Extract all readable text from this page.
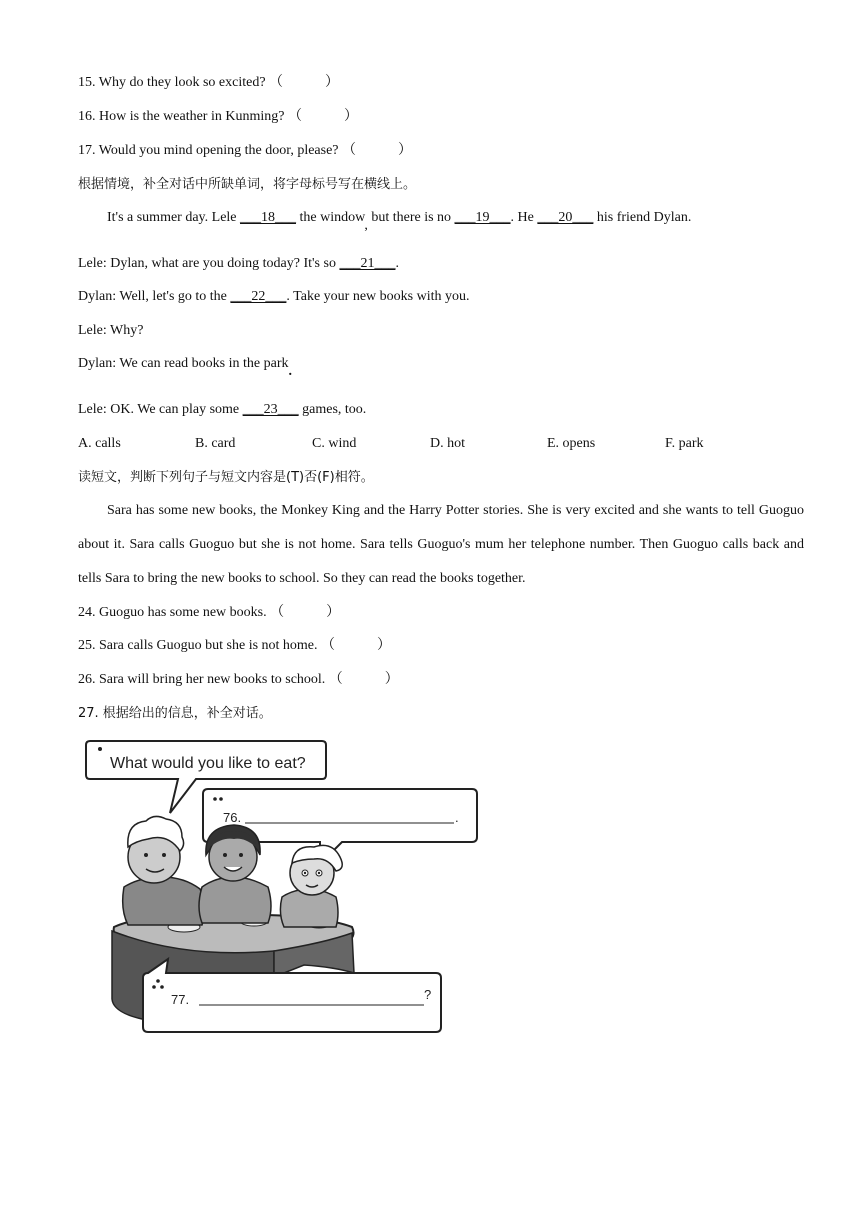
15. Why do they look so excited? （　　　）
16. How is the weather in Kunming? （　　　）
17. Would you mind opening the door, please? （　　　）
根据情境，补全对话中所缺单词，将字母标号写在横线上。
It's a summer day. Lele ___18___ the window, but there is no ___19___. He ___20___ his friend Dylan.
Lele: Dylan, what are you doing today? It's so ___21___.
Dylan: Well, let's go to the ___22___. Take your new books with you.
Lele: Why?
Dylan: We can read books in the park.
Lele: OK. We can play some ___23___ games, too.
A. calls	B. card	C. wind	D. hot	E. opens	F. park
读短文，判断下列句子与短文内容是(T)否(F)相符。
Sara has some new books, the Monkey King and the Harry Potter stories. She is very excited and she wants to tell Guoguo about it. Sara calls Guoguo but she is not home. Sara tells Guoguo's mum her telephone number. Then Guoguo calls back and tells Sara to bring the new books to school. So they can read the books together.
24. Guoguo has some new books. （　　　）
25. Sara calls Guoguo but she is not home. （　　　）
26. Sara will bring her new books to school. （　　　）
27. 根据给出的信息，补全对话。
What would you like to eat?
76.	.
77.	?
